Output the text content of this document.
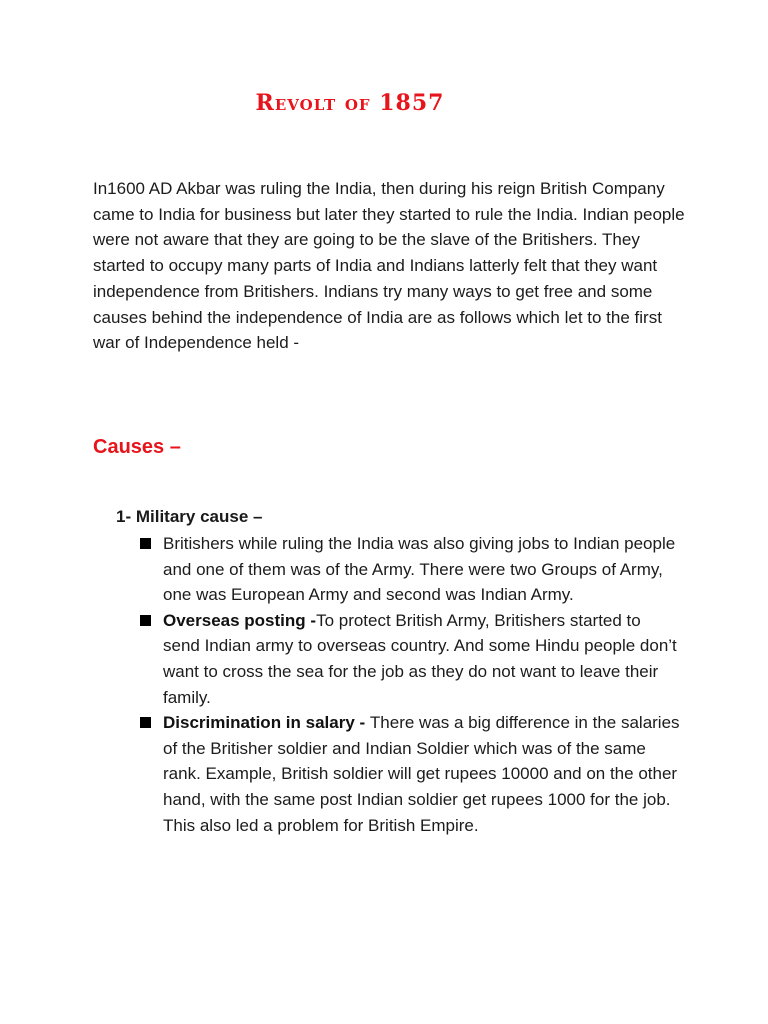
Revolt of 1857

In1600 AD Akbar was ruling the India, then during his reign British Company came to India for business but later they started to rule the India. Indian people were not aware that they are going to be the slave of the Britishers. They started to occupy many parts of India and Indians latterly felt that they want independence from Britishers. Indians try many ways to get free and some causes behind the independence of India are as follows which let to the first war of Independence held -

Causes –
1- Military cause –
Britishers while ruling the India was also giving jobs to Indian people and one of them was of the Army. There were two Groups of Army, one was European Army and second was Indian Army.
Overseas posting -To protect British Army, Britishers started to send Indian army to overseas country. And some Hindu people don’t want to cross the sea for the job as they do not want to leave their family.
Discrimination in salary - There was a big difference in the salaries of the Britisher soldier and Indian Soldier which was of the same rank. Example, British soldier will get rupees 10000 and on the other hand, with the same post Indian soldier get rupees 1000 for the job. This also led a problem for British Empire.
